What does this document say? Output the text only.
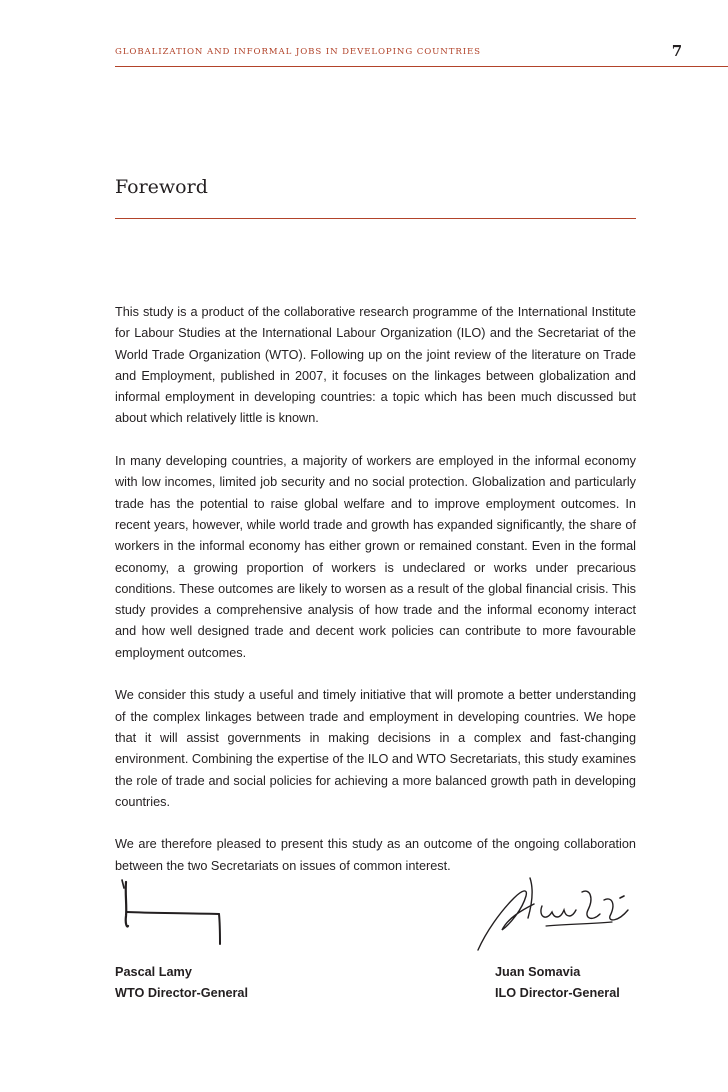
GLOBALIZATION AND INFORMAL JOBS IN DEVELOPING COUNTRIES	7
Foreword

This study is a product of the collaborative research programme of the International Institute for Labour Studies at the International Labour Organization (ILO) and the Secretariat of the World Trade Organization (WTO). Following up on the joint review of the literature on Trade and Employment, published in 2007, it focuses on the linkages between globalization and informal employment in developing countries: a topic which has been much discussed but about which relatively little is known.

In many developing countries, a majority of workers are employed in the informal economy with low incomes, limited job security and no social protection. Globalization and particularly trade has the potential to raise global welfare and to improve employment outcomes. In recent years, however, while world trade and growth has expanded significantly, the share of workers in the informal economy has either grown or remained constant. Even in the formal economy, a growing proportion of workers is undeclared or works under precarious conditions. These outcomes are likely to worsen as a result of the global financial crisis. This study provides a comprehensive analysis of how trade and the informal economy interact and how well designed trade and decent work policies can contribute to more favourable employment outcomes.

We consider this study a useful and timely initiative that will promote a better understanding of the complex linkages between trade and employment in developing countries. We hope that it will assist governments in making decisions in a complex and fast-changing environment. Combining the expertise of the ILO and WTO Secretariats, this study examines the role of trade and social policies for achieving a more balanced growth path in developing countries.

We are therefore pleased to present this study as an outcome of the ongoing collaboration between the two Secretariats on issues of common interest.

Pascal Lamy
WTO Director-General
Juan Somavia
ILO Director-General
